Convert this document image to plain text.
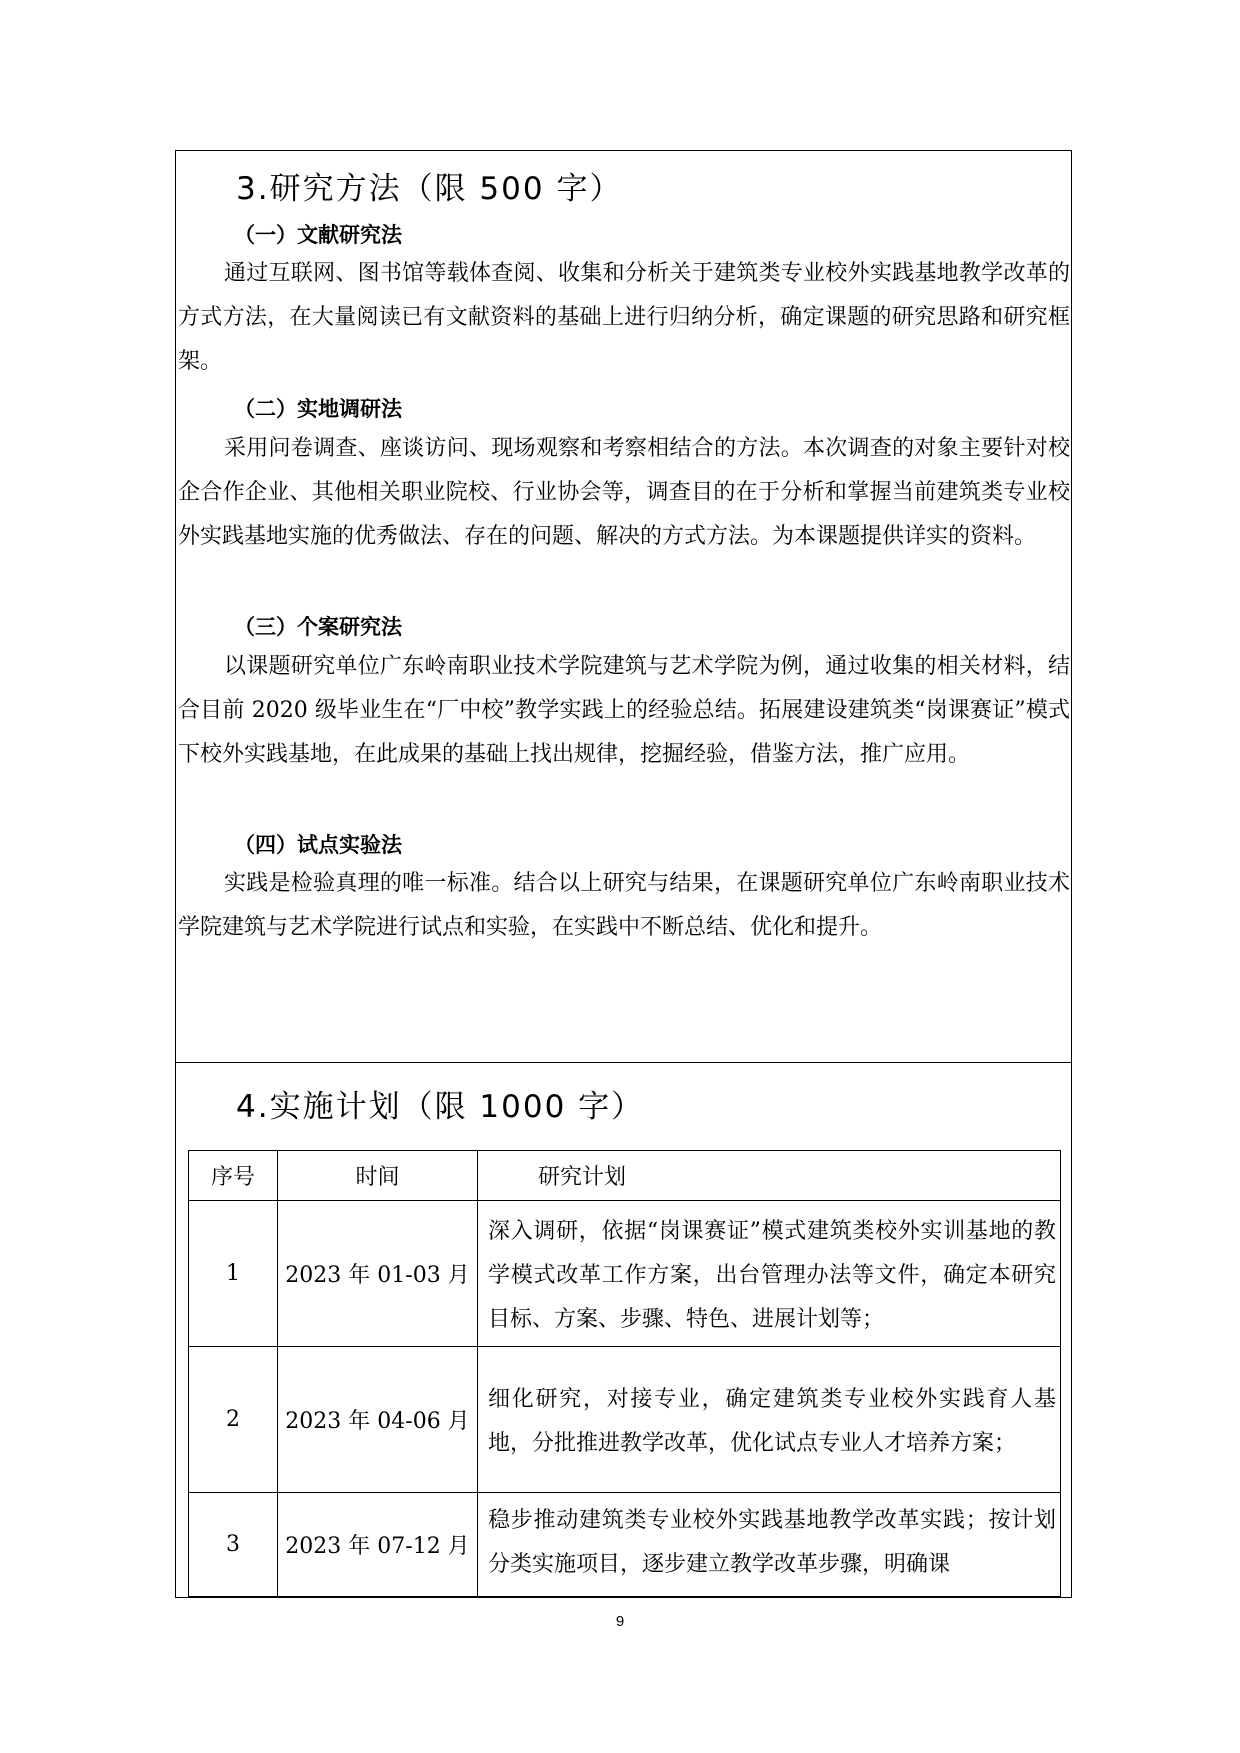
3.研究方法（限 500 字）
（一）文献研究法

通过互联网、图书馆等载体查阅、收集和分析关于建筑类专业校外实践基地教学改革的方式方法，在大量阅读已有文献资料的基础上进行归纳分析，确定课题的研究思路和研究框架。

（二）实地调研法

采用问卷调查、座谈访问、现场观察和考察相结合的方法。本次调查的对象主要针对校企合作企业、其他相关职业院校、行业协会等，调查目的在于分析和掌握当前建筑类专业校外实践基地实施的优秀做法、存在的问题、解决的方式方法。为本课题提供详实的资料。

（三）个案研究法

以课题研究单位广东岭南职业技术学院建筑与艺术学院为例，通过收集的相关材料，结合目前 2020 级毕业生在“厂中校”教学实践上的经验总结。拓展建设建筑类“岗课赛证”模式下校外实践基地，在此成果的基础上找出规律，挖掘经验，借鉴方法，推广应用。

（四）试点实验法

实践是检验真理的唯一标准。结合以上研究与结果，在课题研究单位广东岭南职业技术学院建筑与艺术学院进行试点和实验，在实践中不断总结、优化和提升。

4.实施计划（限 1000 字）
序号	时间	研究计划
1	2023 年 01-03 月	深入调研，依据“岗课赛证”模式建筑类校外实训基地的教学模式改革工作方案，出台管理办法等文件，确定本研究目标、方案、步骤、特色、进展计划等；

2	2023 年 04-06 月	细化研究，对接专业，确定建筑类专业校外实践育人基地，分批推进教学改革，优化试点专业人才培养方案；

3	2023 年 07-12 月	稳步推动建筑类专业校外实践基地教学改革实践；按计划分类实施项目，逐步建立教学改革步骤，明确课
9
